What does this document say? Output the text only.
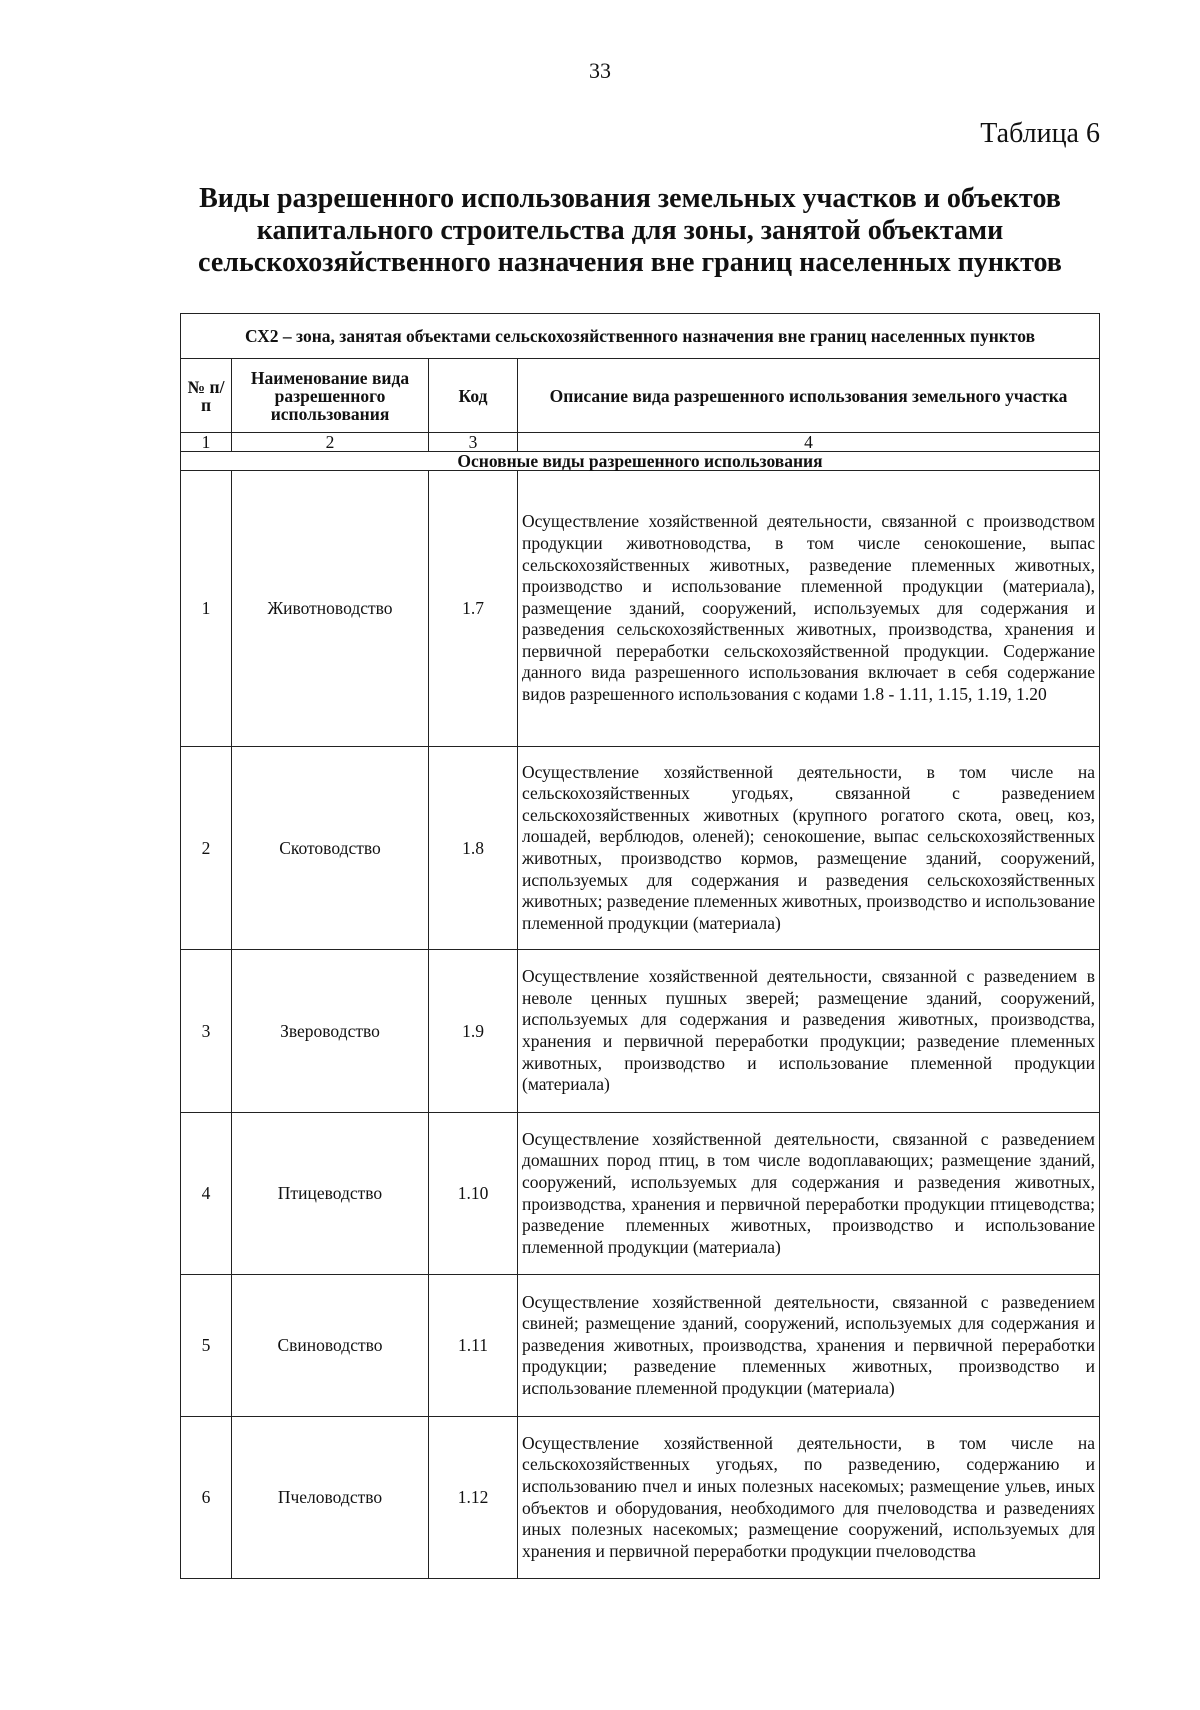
33
Таблица 6
Виды разрешенного использования земельных участков и объектов
капитального строительства для зоны, занятой объектами
сельскохозяйственного назначения вне границ населенных пунктов
СХ2 – зона, занятая объектами сельскохозяйственного назначения вне границ населенных пунктов			
№ п/п	Наименование вида разрешенного использования	Код	Описание вида разрешенного использования земельного участка
1	2	3	4
Основные виды разрешенного использования			
1	Животноводство	1.7	Осуществление хозяйственной деятельности, связанной с производством продукции животноводства, в том числе сенокошение, выпас сельскохозяйственных животных, разведение племенных животных, производство и использование племенной продукции (материала), размещение зданий, сооружений, используемых для содержания и разведения сельскохозяйственных животных, производства, хранения и первичной переработки сельскохозяйственной продукции. Содержание данного вида разрешенного использования включает в себя содержание видов разрешенного использования с кодами 1.8 - 1.11, 1.15, 1.19, 1.20
2	Скотоводство	1.8	Осуществление хозяйственной деятельности, в том числе на сельскохозяйственных угодьях, связанной с разведением сельскохозяйственных животных (крупного рогатого скота, овец, коз, лошадей, верблюдов, оленей); сенокошение, выпас сельскохозяйственных животных, производство кормов, размещение зданий, сооружений, используемых для содержания и разведения сельскохозяйственных животных; разведение племенных животных, производство и использование племенной продукции (материала)
3	Звероводство	1.9	Осуществление хозяйственной деятельности, связанной с разведением в неволе ценных пушных зверей; размещение зданий, сооружений, используемых для содержания и разведения животных, производства, хранения и первичной переработки продукции; разведение племенных животных, производство и использование племенной продукции (материала)
4	Птицеводство	1.10	Осуществление хозяйственной деятельности, связанной с разведением домашних пород птиц, в том числе водоплавающих; размещение зданий, сооружений, используемых для содержания и разведения животных, производства, хранения и первичной переработки продукции птицеводства; разведение племенных животных, производство и использование племенной продукции (материала)
5	Свиноводство	1.11	Осуществление хозяйственной деятельности, связанной с разведением свиней; размещение зданий, сооружений, используемых для содержания и разведения животных, производства, хранения и первичной переработки продукции; разведение племенных животных, производство и использование племенной продукции (материала)
6	Пчеловодство	1.12	Осуществление хозяйственной деятельности, в том числе на сельскохозяйственных угодьях, по разведению, содержанию и использованию пчел и иных полезных насекомых; размещение ульев, иных объектов и оборудования, необходимого для пчеловодства и разведениях иных полезных насекомых; размещение сооружений, используемых для хранения и первичной переработки продукции пчеловодства
